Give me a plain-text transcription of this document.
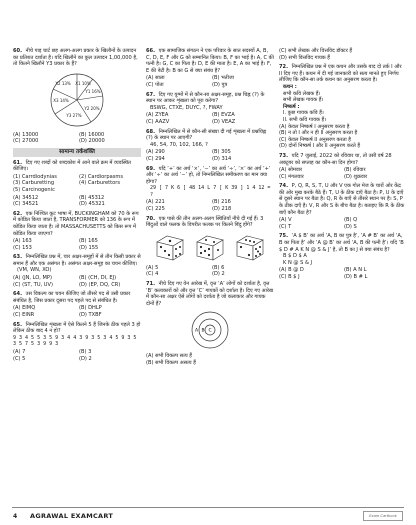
60. नीचे पाइ चार्ट छह अलग-अलग प्रकार के खिलौनों के उत्पादन का प्रतिशत दर्शाता है। यदि खिलौने का कुल उत्पादन 1,00,000 है, तो कितने खिलौने Y3 प्रकार के हैं?
X1 10%
Y1 16%
X2 13%
Y2 20%
X3 14%
Y3 27%
(A) 13000	(B) 16000
(C) 27000	(D) 20000
सामान्य तर्कशक्ति
61. दिए गए शब्दों को शब्दकोश में आने वाले क्रम में व्यवस्थित कीजिए।
(1) Carrdiodynias	(2) Cardiorpasms
(3) Carburetting	(4) Carburettors
(5) Carcinogenic
(A) 34512	(B) 45312
(C) 34521	(D) 45321
62. एक निश्चित कूट भाषा में, BUCKINGHAM को 70 के रूप में कोडित किया जाता है, TRANSFORMER को 136 के रूप में कोडित किया जाता है। तो MASSACHUSETTS को किस रूप में कोडित किया जाएगा?
(A) 163	(B) 165
(C) 153	(D) 155
63. निम्नलिखित प्रश्न में, चार अक्षर-समूहों में से तीन किसी प्रकार से समान हैं और एक असंगत है। असंगत अक्षर-समूह का चयन कीजिए।
(VM, WN, XO)
(A) (JN, LO, MP)	(B) (CH, DI, EJ)
(C) (ST, TU, UV)	(D) (EP, DQ, CR)
64. उस विकल्प का चयन कीजिए जो तीसरे पद से उसी प्रकार संबंधित है, जिस प्रकार दूसरा पद पहले पद से संबंधित है।
(A) EIMQ	(B) DHLP
(C) EINR	(D) TXBF
65. निम्नलिखित शृंखला में ऐसे कितने 5 हैं जिनके ठीक पहले 3 हो लेकिन ठीक बाद 4 न हो?
9 3 4 5 5 3 5 9 3 4 4 3 9 3 5 3 4 5 9 3 5 3 5 7 5 3 9 9 3
(A) 7	(B) 3
(C) 5	(D) 2
66. एक सामाजिक संगठन ने एक परिवार के सात सदस्यों A, B, C, D, E, F और G को सम्मानित किया। B, F का भाई है। A, C की पत्नी है। G, C का पिता है। D, E की माता है। E, A का भाई है। F, E की बेटी है। B का G से क्या संबंध है?
(A) साला	(B) भतीजा
(C) पोता	(D) पुत्र
67. दिए गए युग्मों में से कौन-सा अक्षर-समूह, प्रश्न चिह्न (?) के स्थान पर आकर शृंखला को पूरा करेगा?
BSWG, CTXE, DUYC, ?, FWAY
(A) ZYEA	(B) EVZA
(C) AAZV	(D) VEAZ
68. निम्नलिखित में से कौन-सी संख्या दी गई शृंखला में प्रश्नचिह्न (?) के स्थान पर आएगी?
46, 54, 70, 102, 166, ?
(A) 290	(B) 305
(C) 294	(D) 314
69. यदि ‘+’ का अर्थ ‘×’, ‘−’ का अर्थ ‘÷’, ‘×’ का अर्थ ‘+’ और ‘÷’ का अर्थ ‘−’ हो, तो निम्नलिखित समीकरण का मान क्या होगा?
29 [ 7 K 6 ] 48 14 L 7 [ K 39 ] 1 4 12 = ?
(A) 221	(B) 216
(C) 225	(D) 218
70. एक पासे की तीन अलग-अलग स्थितियाँ नीचे दी गई हैं। 3 बिंदुओं वाले फलक के विपरीत फलक पर कितने बिंदु होंगे?
(A) 5	(B) 6
(C) 4	(D) 2
71. नीचे दिए गए वेन आरेख में, वृत्त ‘A’ लोगों को दर्शाता है, वृत्त ‘B’ कलाकारों को और वृत्त ‘C’ गायकों को दर्शाता है। दिए गए आरेख में कौन-सा अक्षर ऐसे लोगों को दर्शाता है जो कलाकार और गायक दोनों हैं?
A B C
(A) सभी विकल्प सत्य हैं
(B) सभी विकल्प असत्य हैं
(C) सभी लेखक और वित्तविद डॉक्टर हैं
(D) सभी वित्तविद गायक हैं
72. निम्नलिखित प्रश्न में एक कथन और उसके बाद दो तर्क I और II दिए गए हैं। कथन में दी गई जानकारी को सत्य मानते हुए निर्णय लीजिए कि कौन-सा तर्क कथन का अनुसरण करता है।
कथन :
सभी कवि लेखक हैं।
सभी लेखक गायक हैं।
निष्कर्ष :
I. कुछ गायक कवि हैं।
II. सभी कवि गायक हैं।
(A) केवल निष्कर्ष I अनुसरण करता है
(B) न तो I और न ही II अनुसरण करता है
(C) केवल निष्कर्ष II अनुसरण करता है
(D) दोनों निष्कर्ष I और II अनुसरण करते हैं
73. यदि 7 जुलाई, 2022 को रविवार था, तो उसी वर्ष 28 अक्टूबर को सप्ताह का कौन-सा दिन होगा?
(A) सोमवार	(B) रविवार
(C) मंगलवार	(D) शुक्रवार
74. P, Q, R, S, T, U और V एक गोल मेज के चारों ओर केंद्र की ओर मुख करके बैठे हैं। T, U के ठीक दाएँ बैठा है। P, U के दाएँ से दूसरे स्थान पर बैठा है। Q, R के बाएँ से तीसरे स्थान पर है। S, P के ठीक दाएँ है। V, R और S के बीच बैठा है। बताइए कि R के ठीक बाएँ कौन बैठा है?
(A) V	(B) Q
(C) T	(D) S
75. ‘A $ B’ का अर्थ ‘A, B का पुत्र है’, ‘A # B’ का अर्थ ‘A, B का पिता है’ और ‘A @ B’ का अर्थ ‘A, B की पत्नी है’। यदि ‘B $ D # A K N @ S & J’ है, तो B का J से क्या संबंध है?
B $ D $ A
K N @ S & J
(A) B @ D	(B) A N L
(C) B $ J	(D) B # L
4 AGRAWAL EXAMCART	Exam Cartbook
